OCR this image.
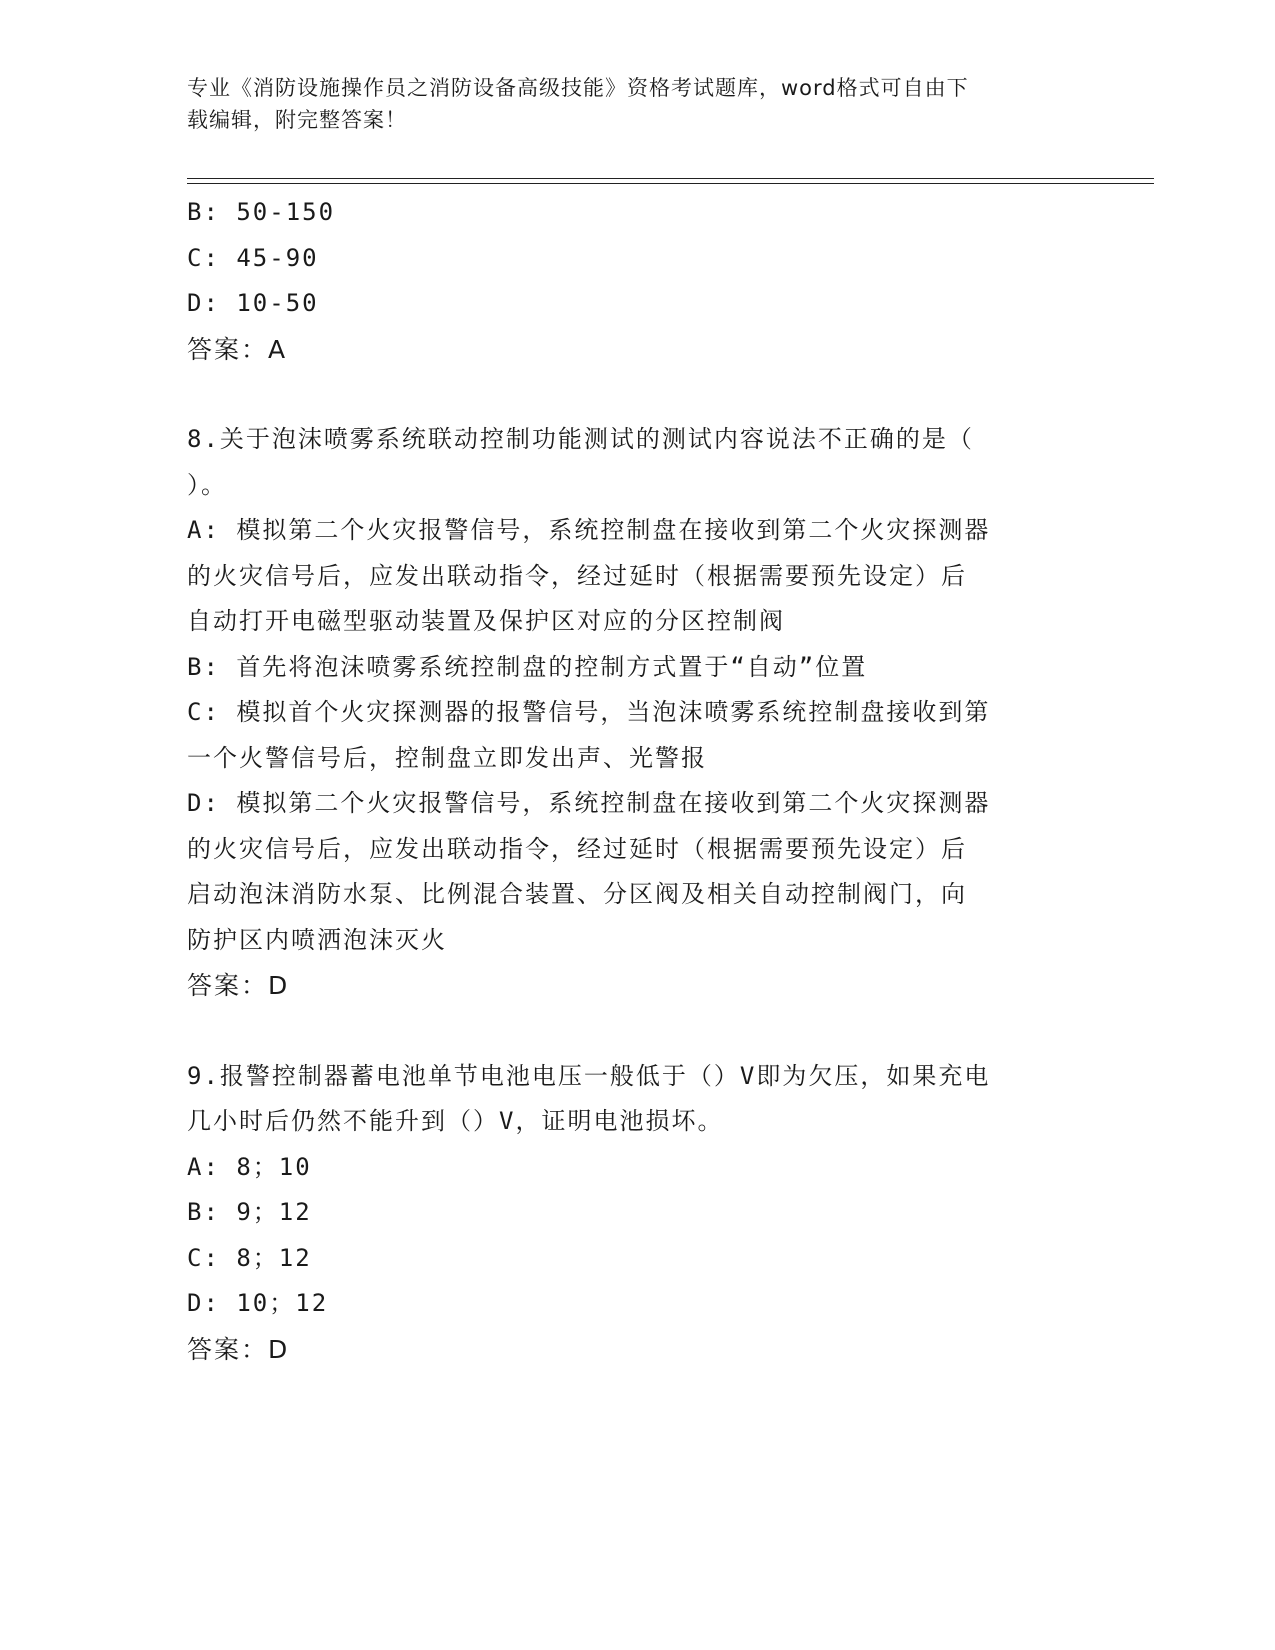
专业《消防设施操作员之消防设备高级技能》资格考试题库，word格式可自由下
载编辑，附完整答案！
B: 50-150
C: 45-90
D: 10-50
答案：A
8.关于泡沫喷雾系统联动控制功能测试的测试内容说法不正确的是（
）。
A: 模拟第二个火灾报警信号，系统控制盘在接收到第二个火灾探测器
的火灾信号后，应发出联动指令，经过延时（根据需要预先设定）后
自动打开电磁型驱动装置及保护区对应的分区控制阀
B: 首先将泡沫喷雾系统控制盘的控制方式置于“自动”位置
C: 模拟首个火灾探测器的报警信号，当泡沫喷雾系统控制盘接收到第
一个火警信号后，控制盘立即发出声、光警报
D: 模拟第二个火灾报警信号，系统控制盘在接收到第二个火灾探测器
的火灾信号后，应发出联动指令，经过延时（根据需要预先设定）后
启动泡沫消防水泵、比例混合装置、分区阀及相关自动控制阀门，向
防护区内喷洒泡沫灭火
答案：D
9.报警控制器蓄电池单节电池电压一般低于（）V即为欠压，如果充电
几小时后仍然不能升到（）V，证明电池损坏。
A: 8；10
B: 9；12
C: 8；12
D: 10；12
答案：D
